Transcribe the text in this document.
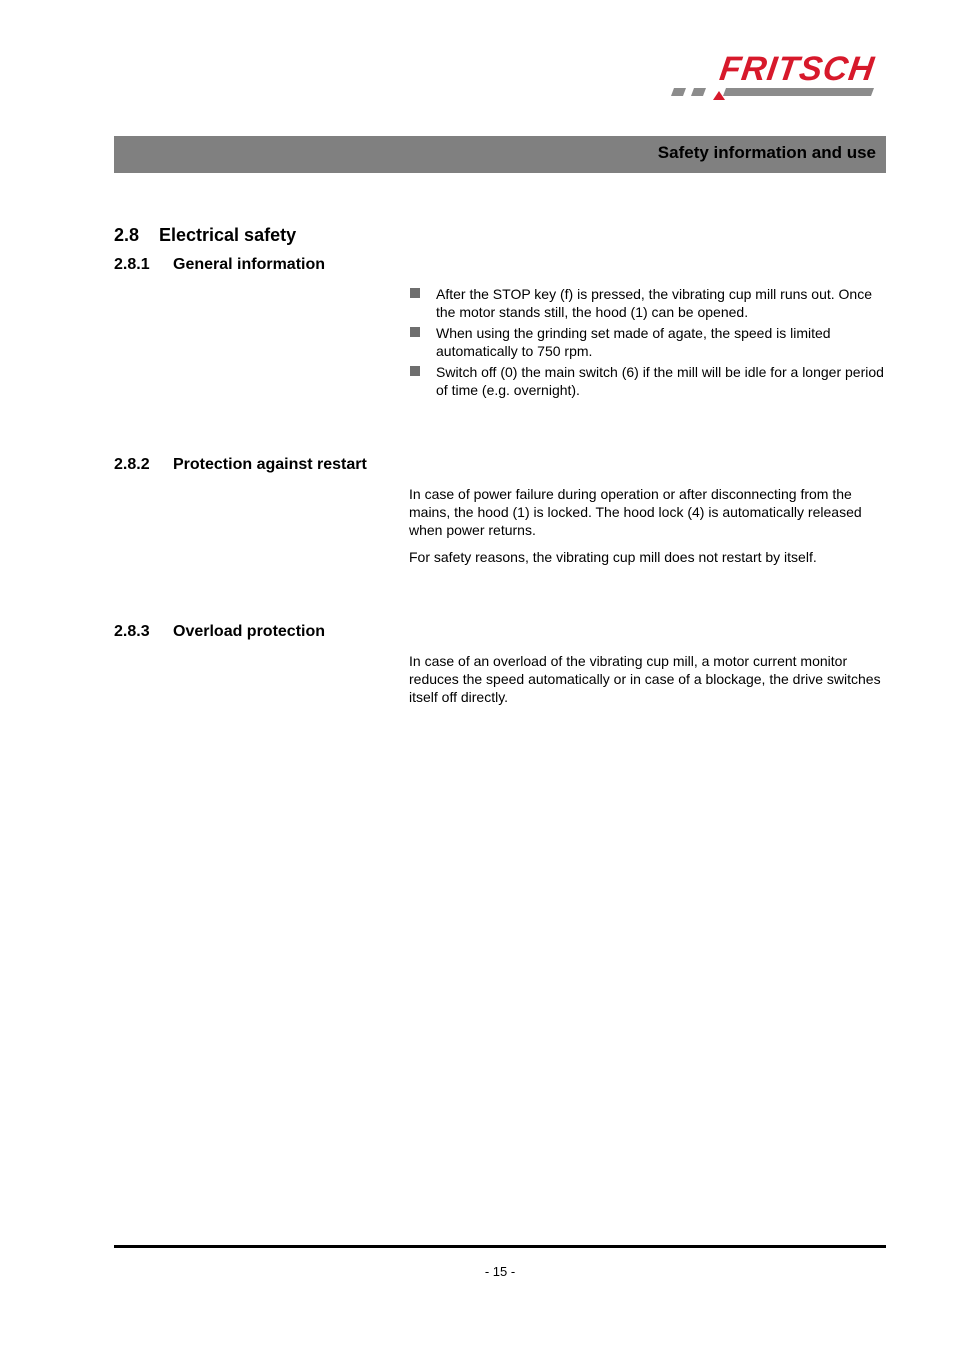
FRITSCH
Safety information and use
2.8 Electrical safety
2.8.1 General information
After the STOP key (f) is pressed, the vibrating cup mill runs out. Once the motor stands still, the hood (1) can be opened.
When using the grinding set made of agate, the speed is limited automatically to 750 rpm.
Switch off (0) the main switch (6) if the mill will be idle for a longer period of time (e.g. overnight).
2.8.2 Protection against restart

In case of power failure during operation or after disconnecting from the mains, the hood (1) is locked. The hood lock (4) is automatically released when power returns.

For safety reasons, the vibrating cup mill does not restart by itself.

2.8.3 Overload protection

In case of an overload of the vibrating cup mill, a motor current monitor reduces the speed automatically or in case of a blockage, the drive switches itself off directly.

- 15 -
